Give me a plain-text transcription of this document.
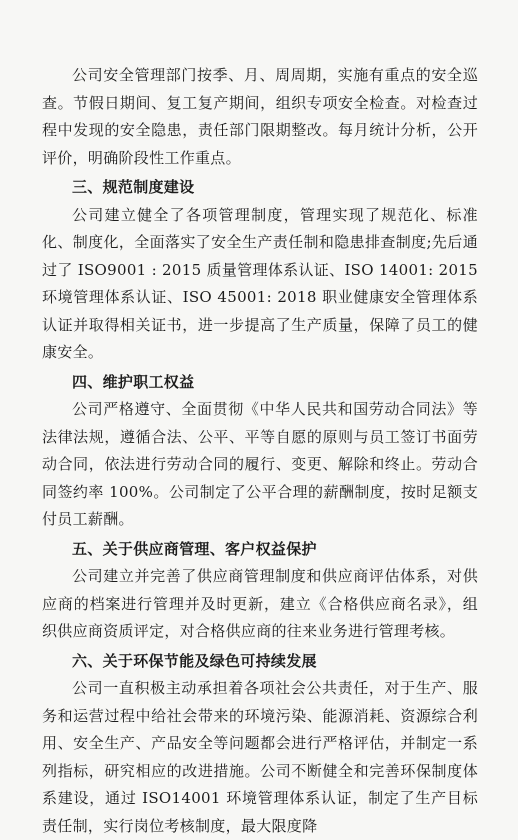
公司安全管理部门按季、月、周周期，实施有重点的安全巡查。节假日期间、复工复产期间，组织专项安全检查。对检查过程中发现的安全隐患，责任部门限期整改。每月统计分析，公开评价，明确阶段性工作重点。

三、规范制度建设

公司建立健全了各项管理制度，管理实现了规范化、标准化、制度化，全面落实了安全生产责任制和隐患排查制度;先后通过了 ISO9001 : 2015 质量管理体系认证、ISO 14001: 2015 环境管理体系认证、ISO 45001: 2018 职业健康安全管理体系认证并取得相关证书，进一步提高了生产质量，保障了员工的健康安全。

四、维护职工权益

公司严格遵守、全面贯彻《中华人民共和国劳动合同法》等法律法规，遵循合法、公平、平等自愿的原则与员工签订书面劳动合同，依法进行劳动合同的履行、变更、解除和终止。劳动合同签约率 100%。公司制定了公平合理的薪酬制度，按时足额支付员工薪酬。

五、关于供应商管理、客户权益保护

公司建立并完善了供应商管理制度和供应商评估体系，对供应商的档案进行管理并及时更新，建立《合格供应商名录》，组织供应商资质评定，对合格供应商的往来业务进行管理考核。

六、关于环保节能及绿色可持续发展

公司一直积极主动承担着各项社会公共责任，对于生产、服务和运营过程中给社会带来的环境污染、能源消耗、资源综合利用、安全生产、产品安全等问题都会进行严格评估，并制定一系列指标，研究相应的改进措施。公司不断健全和完善环保制度体系建设，通过 ISO14001 环境管理体系认证，制定了生产目标责任制，实行岗位考核制度，最大限度降
